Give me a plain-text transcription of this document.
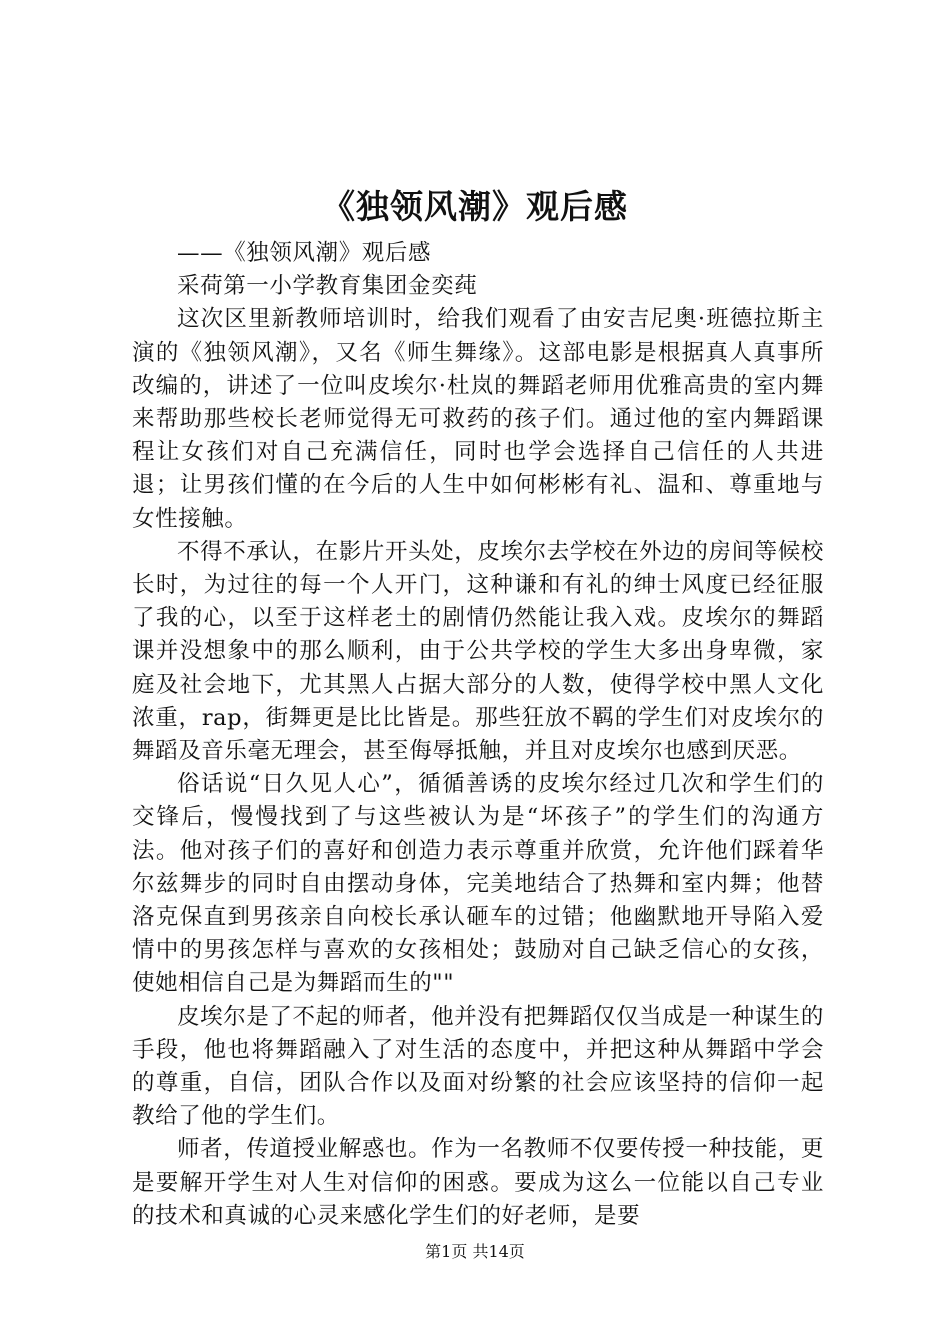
《独领风潮》观后感

——《独领风潮》观后感

采荷第一小学教育集团金奕莼

这次区里新教师培训时，给我们观看了由安吉尼奥·班德拉斯主演的《独领风潮》，又名《师生舞缘》。这部电影是根据真人真事所改编的，讲述了一位叫皮埃尔·杜岚的舞蹈老师用优雅高贵的室内舞来帮助那些校长老师觉得无可救药的孩子们。通过他的室内舞蹈课程让女孩们对自己充满信任，同时也学会选择自己信任的人共进退；让男孩们懂的在今后的人生中如何彬彬有礼、温和、尊重地与女性接触。

不得不承认，在影片开头处，皮埃尔去学校在外边的房间等候校长时，为过往的每一个人开门，这种谦和有礼的绅士风度已经征服了我的心，以至于这样老土的剧情仍然能让我入戏。皮埃尔的舞蹈课并没想象中的那么顺利，由于公共学校的学生大多出身卑微，家庭及社会地下，尤其黑人占据大部分的人数，使得学校中黑人文化浓重，rap，街舞更是比比皆是。那些狂放不羁的学生们对皮埃尔的舞蹈及音乐毫无理会，甚至侮辱抵触，并且对皮埃尔也感到厌恶。

俗话说“日久见人心”，循循善诱的皮埃尔经过几次和学生们的交锋后，慢慢找到了与这些被认为是“坏孩子”的学生们的沟通方法。他对孩子们的喜好和创造力表示尊重并欣赏，允许他们踩着华尔兹舞步的同时自由摆动身体，完美地结合了热舞和室内舞；他替洛克保直到男孩亲自向校长承认砸车的过错；他幽默地开导陷入爱情中的男孩怎样与喜欢的女孩相处；鼓励对自己缺乏信心的女孩，使她相信自己是为舞蹈而生的""

皮埃尔是了不起的师者，他并没有把舞蹈仅仅当成是一种谋生的手段，他也将舞蹈融入了对生活的态度中，并把这种从舞蹈中学会的尊重，自信，团队合作以及面对纷繁的社会应该坚持的信仰一起教给了他的学生们。

师者，传道授业解惑也。作为一名教师不仅要传授一种技能，更是要解开学生对人生对信仰的困惑。要成为这么一位能以自己专业的技术和真诚的心灵来感化学生们的好老师，是要

第1页 共14页
